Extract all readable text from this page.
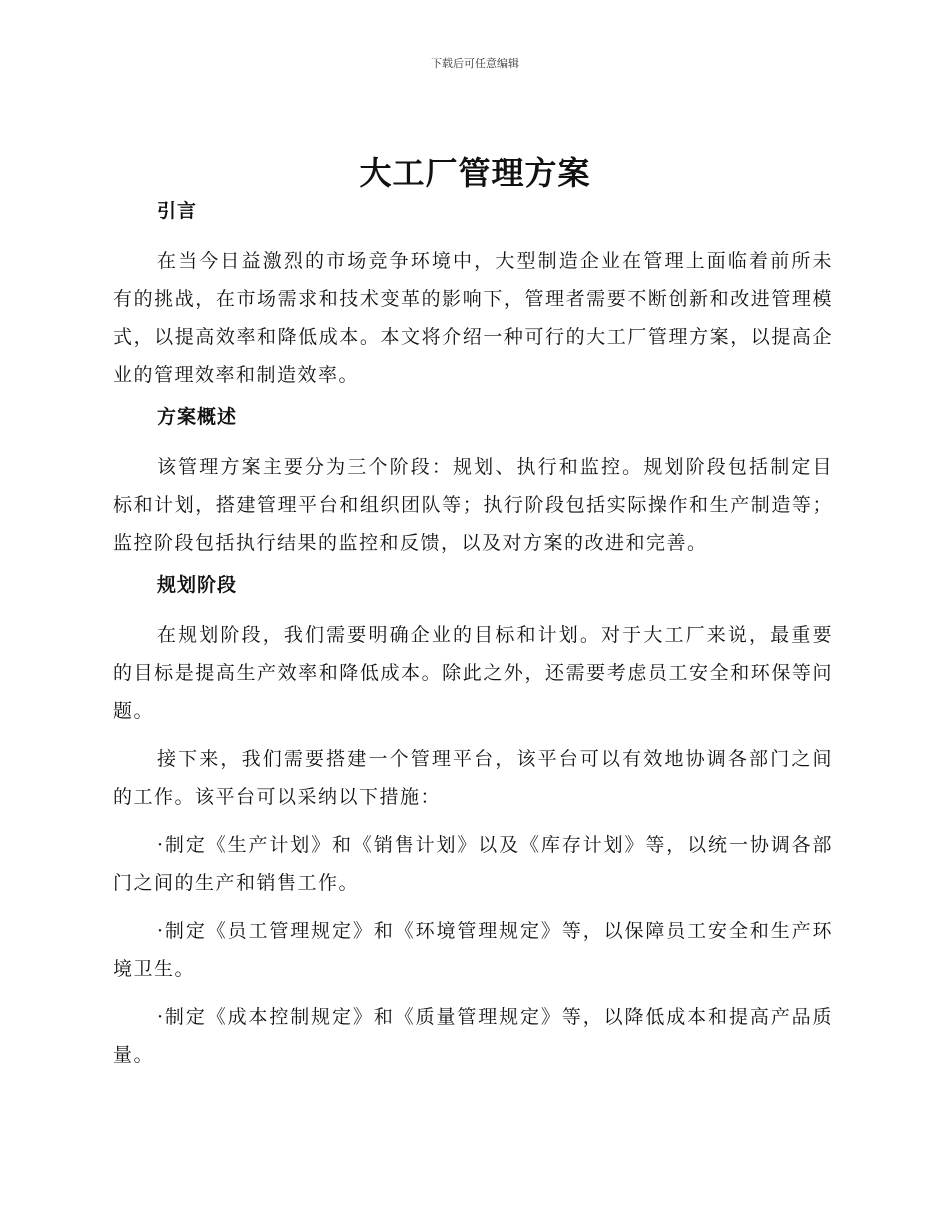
下载后可任意编辑
大工厂管理方案
引言

在当今日益激烈的市场竞争环境中，大型制造企业在管理上面临着前所未有的挑战，在市场需求和技术变革的影响下，管理者需要不断创新和改进管理模式，以提高效率和降低成本。本文将介绍一种可行的大工厂管理方案，以提高企业的管理效率和制造效率。

方案概述

该管理方案主要分为三个阶段：规划、执行和监控。规划阶段包括制定目标和计划，搭建管理平台和组织团队等；执行阶段包括实际操作和生产制造等；监控阶段包括执行结果的监控和反馈，以及对方案的改进和完善。

规划阶段

在规划阶段，我们需要明确企业的目标和计划。对于大工厂来说，最重要的目标是提高生产效率和降低成本。除此之外，还需要考虑员工安全和环保等问题。

接下来，我们需要搭建一个管理平台，该平台可以有效地协调各部门之间的工作。该平台可以采纳以下措施：

·制定《生产计划》和《销售计划》以及《库存计划》等，以统一协调各部门之间的生产和销售工作。

·制定《员工管理规定》和《环境管理规定》等，以保障员工安全和生产环境卫生。

·制定《成本控制规定》和《质量管理规定》等，以降低成本和提高产品质量。
